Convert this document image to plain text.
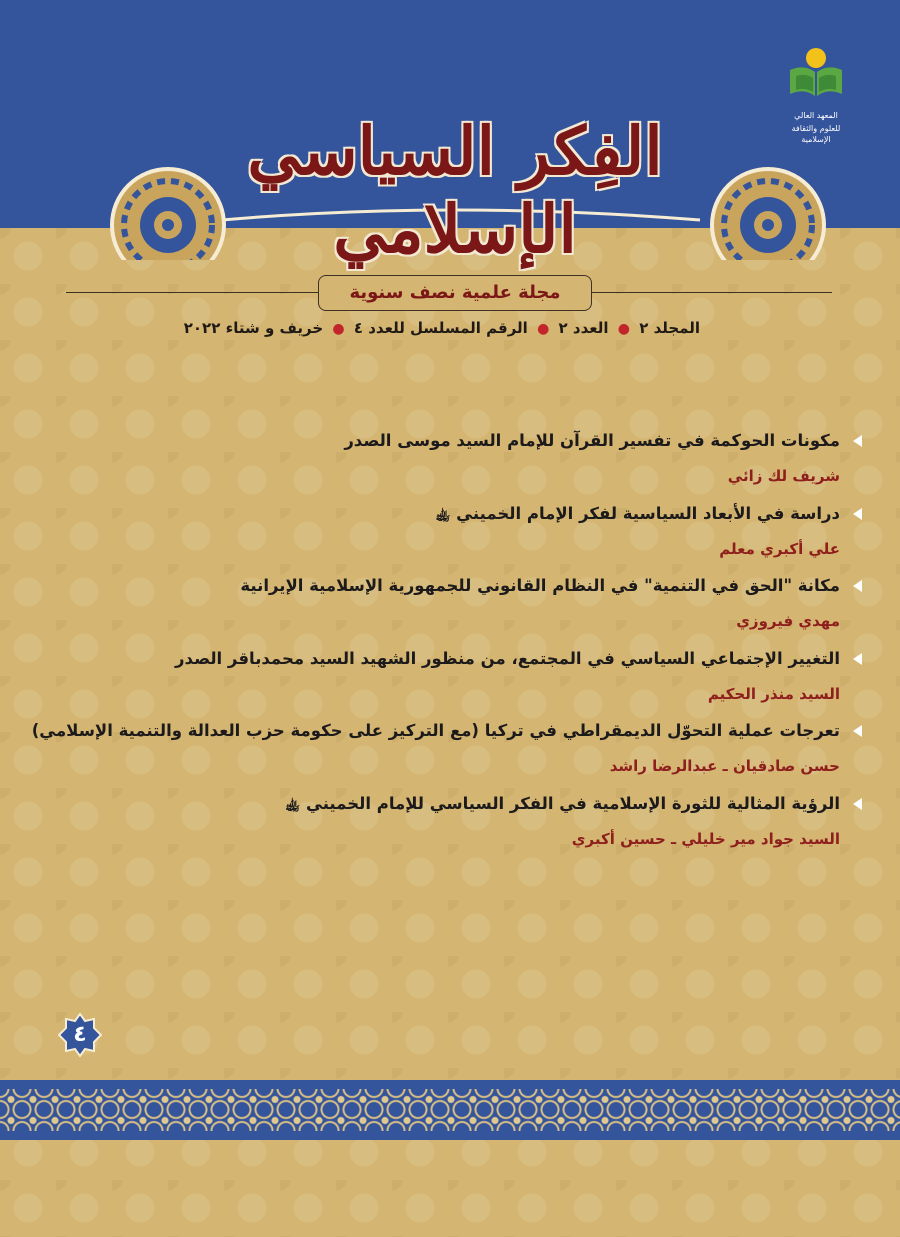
المعهد العالي
للعلوم والثقافة الإسلامية
الفِكر السياسي الإسلامي
مجلة علمية نصف سنوية
المجلد ٢ ● العدد ٢ ● الرقم المسلسل للعدد ٤ ● خريف و شتاء ٢٠٢٢
مكونات الحوكمة في تفسير القرآن للإمام السيد موسى الصدر
شريف لك زائي
دراسة في الأبعاد السياسية لفكر الإمام الخميني ﵀
علي أكبري معلم
مكانة "الحق في التنمية" في النظام القانوني للجمهورية الإسلامية الإيرانية
مهدي فيروزي
التغيير الإجتماعي السياسي في المجتمع، من منظور الشهيد السيد محمدباقر الصدر
السيد منذر الحكيم
تعرجات عملية التحوّل الديمقراطي في تركيا (مع التركيز على حكومة حزب العدالة والتنمية الإسلامي)
حسن صادقيان ـ عبدالرضا راشد
الرؤية المثالية للثورة الإسلامية في الفكر السياسي للإمام الخميني ﵀
السيد جواد مير خليلي ـ حسين أكبري
٤
